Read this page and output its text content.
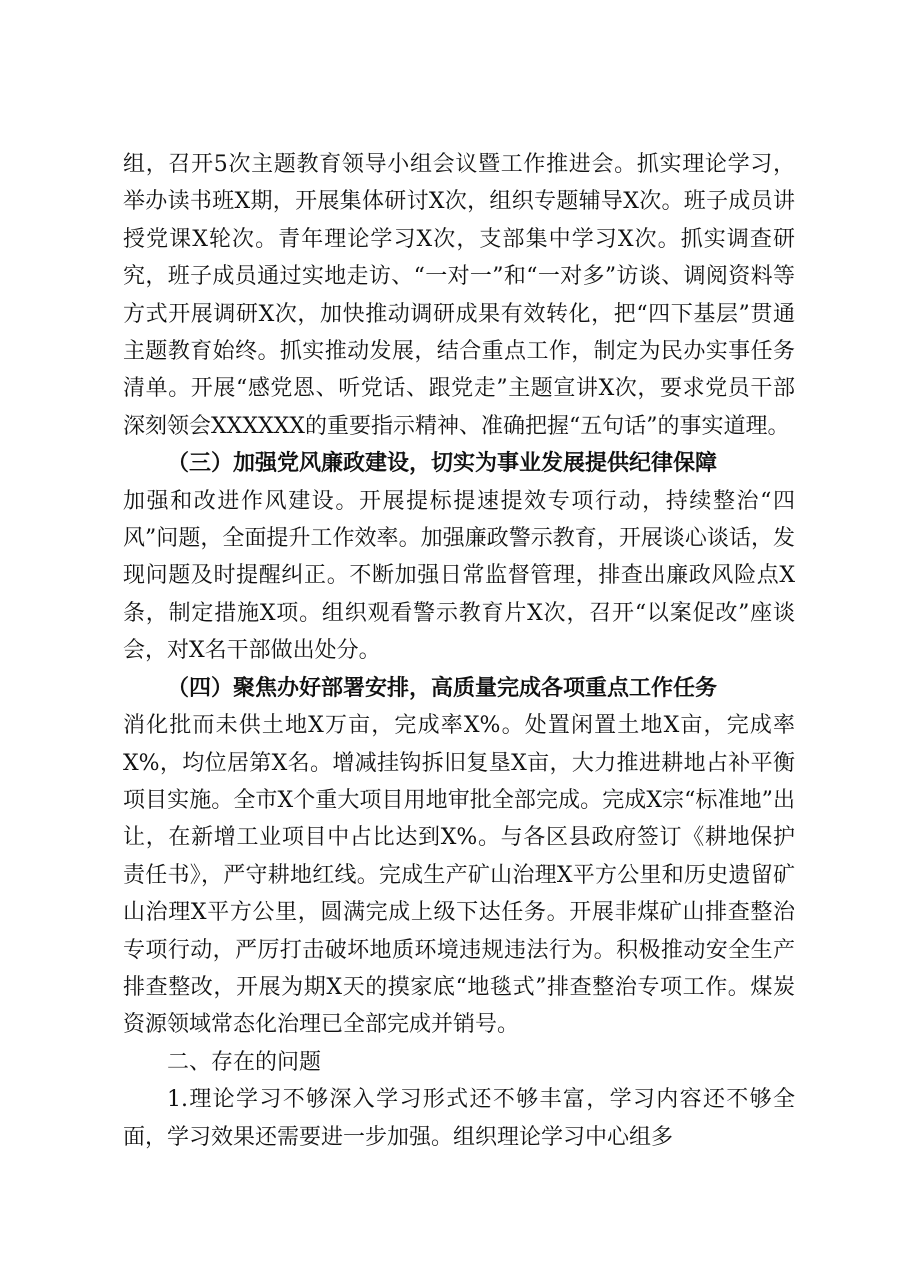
组，召开5次主题教育领导小组会议暨工作推进会。抓实理论学习，举办读书班X期，开展集体研讨X次，组织专题辅导X次。班子成员讲授党课X轮次。青年理论学习X次，支部集中学习X次。抓实调查研究，班子成员通过实地走访、“一对一”和“一对多”访谈、调阅资料等方式开展调研X次，加快推动调研成果有效转化，把“四下基层”贯通主题教育始终。抓实推动发展，结合重点工作，制定为民办实事任务清单。开展“感党恩、听党话、跟党走”主题宣讲X次，要求党员干部深刻领会XXXXXX的重要指示精神、准确把握“五句话”的事实道理。

（三）加强党风廉政建设，切实为事业发展提供纪律保障

加强和改进作风建设。开展提标提速提效专项行动，持续整治“四风”问题，全面提升工作效率。加强廉政警示教育，开展谈心谈话，发现问题及时提醒纠正。不断加强日常监督管理，排查出廉政风险点X条，制定措施X项。组织观看警示教育片X次，召开“以案促改”座谈会，对X名干部做出处分。

（四）聚焦办好部署安排，高质量完成各项重点工作任务

消化批而未供土地X万亩，完成率X%。处置闲置土地X亩，完成率X%，均位居第X名。增减挂钩拆旧复垦X亩，大力推进耕地占补平衡项目实施。全市X个重大项目用地审批全部完成。完成X宗“标准地”出让，在新增工业项目中占比达到X%。与各区县政府签订《耕地保护责任书》，严守耕地红线。完成生产矿山治理X平方公里和历史遗留矿山治理X平方公里，圆满完成上级下达任务。开展非煤矿山排查整治专项行动，严厉打击破坏地质环境违规违法行为。积极推动安全生产排查整改，开展为期X天的摸家底“地毯式”排查整治专项工作。煤炭资源领域常态化治理已全部完成并销号。

二、存在的问题

1.理论学习不够深入学习形式还不够丰富，学习内容还不够全面，学习效果还需要进一步加强。组织理论学习中心组多
